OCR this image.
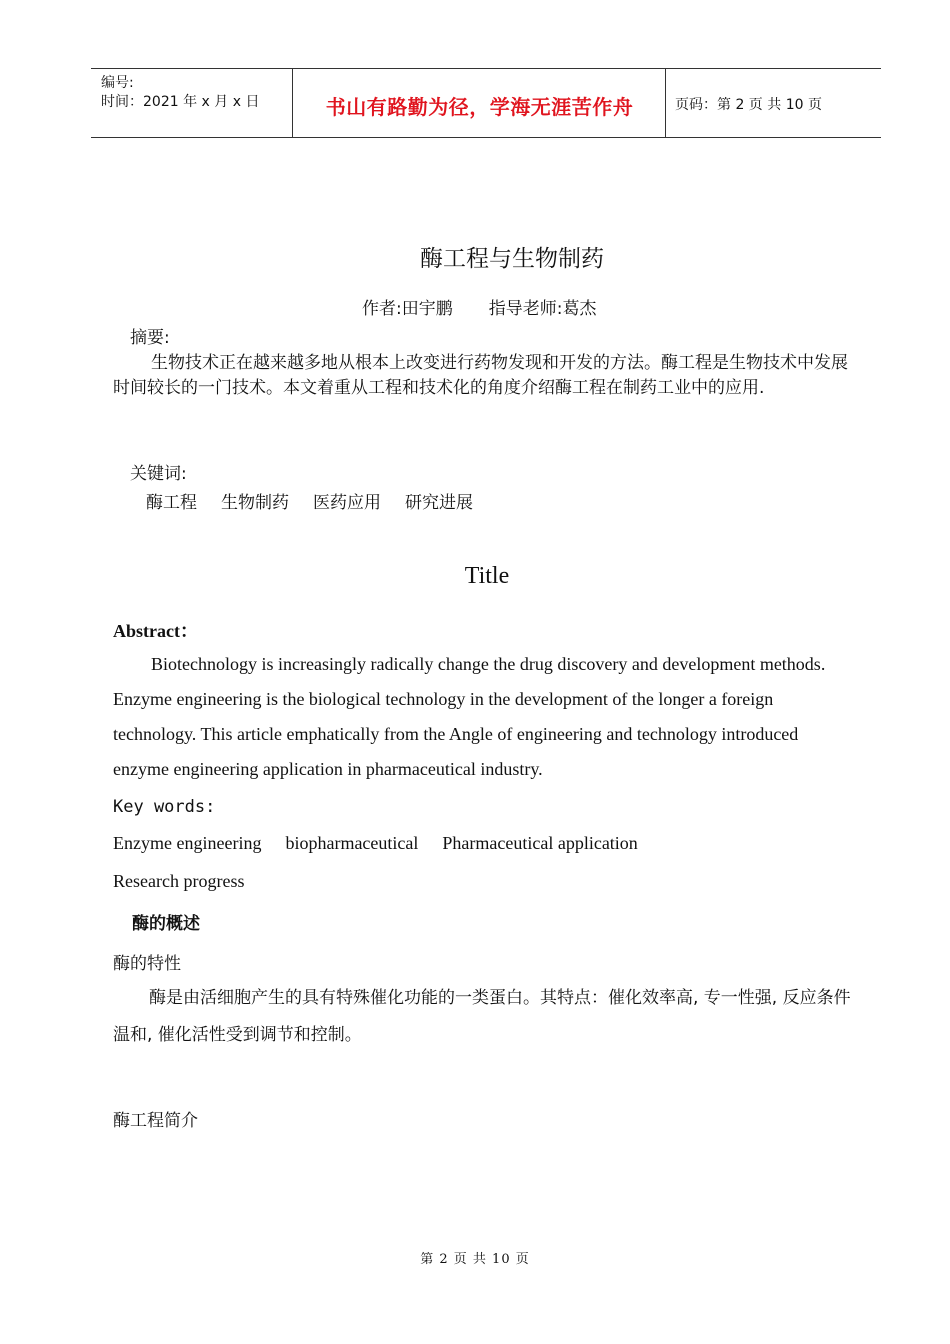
编号:
时间：2021 年 x 月 x 日	书山有路勤为径，学海无涯苦作舟	页码：第 2 页 共 10 页
酶工程与生物制药
作者:田宇鹏 指导老师:葛杰
摘要:
生物技术正在越来越多地从根本上改变进行药物发现和开发的方法。酶工程是生物技术中发展时间较长的一门技术。本文着重从工程和技术化的角度介绍酶工程在制药工业中的应用.
关键词:
酶工程 生物制药 医药应用 研究进展
Title
Abstract：
Biotechnology is increasingly radically change the drug discovery and development methods. Enzyme engineering is the biological technology in the development of the longer a foreign technology. This article emphatically from the Angle of engineering and technology introduced enzyme engineering application in pharmaceutical industry.
Key words:
Enzyme engineering biopharmaceutical Pharmaceutical application
Research progress
酶的概述
酶的特性
酶是由活细胞产生的具有特殊催化功能的一类蛋白。其特点：催化效率高, 专一性强, 反应条件温和, 催化活性受到调节和控制。
酶工程简介
第 2 页 共 10 页
